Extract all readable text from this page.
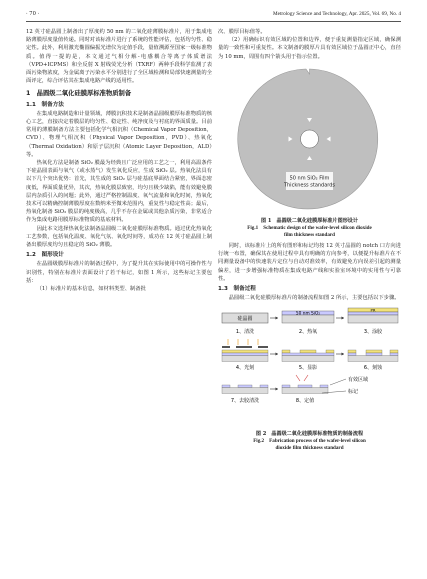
· 70 ·	Metrology Science and Technology, Apr. 2025, Vol. 69, No. 4

12 英寸硅晶圆上制备出了厚度约 50 nm 的二氧化硅薄膜标准片，用于集成电路薄膜厚度量值传递。同时对该标准片进行了系统的性能评估，包括均匀性、稳定性。此外，利用激光椭圆偏振光谱仪为定值手段，量值溯源至国家一级标准物质。值得一提的是，本文通过气相分解-电感耦合等离子体质谱法（VPD+ICPMS）和全反射 X 射线荧光分析（TXRF）两种手段科学监测了表面污染物浓度，为金属离子污染水平分别进行了全区域检测和局部快速测量的全面评定，综合评估其在集成电路产线的适用性。

1　晶圆级二氧化硅膜厚标准物质制备

1.1　制备方法

在集成电路制造和计量领域，薄膜沉积技术是制备晶圆级膜厚标准物质的核心工艺，直接决定着膜层的均匀性、稳定性、纯净度及与衬底的界面质量。目前常用的薄膜制备方法主要包括化学气相沉积（Chemical Vapor Deposition，CVD）、物理气相沉积（Physical Vapor Deposition，PVD）、热氧化（Thermal Oxidation）和原子层沉积（Atomic Layer Deposition，ALD）等。

热氧化方法是制备 SiO₂ 膜最为经典且广泛应用的工艺之一，利用高温条件下硅晶圆表面与氧气（或水蒸气）发生氧化反应，生成 SiO₂ 层。热氧化法具有以下几个突出优势：首先，其生成的 SiO₂ 层与硅基底界面结合紧密，界面态密度低，界面质量优异，其次，热氧化膜层致密，均匀且极少缺陷，能有效避免膜层内杂质引入的问题；此外，通过严格控制温度、氧气流量和氧化时间，热氧化技术可以精确控制薄膜厚度在数纳米至微米范围内，重复性与稳定性高；最后，热氧化制备 SiO₂ 膜层的纯度极高，几乎不存在金属或其他杂质污染，非常适合作为集成电路用膜厚标准物质的基底材料。

因此本文选择热氧化法制备晶圆级二氧化硅膜厚标准物质。通过优化热氧化工艺参数，包括氧化温度、氧化气氛、氧化时间等，成功在 12 英寸硅晶圆上制备出膜厚度均匀且稳定的 SiO₂ 薄膜。

1.2　图形设计

在晶圆级膜厚标准片的制备过程中，为了提升其在实际使用中的可操作性与识别性，特别在标准片表面设计了若干标记，如图 1 所示，这些标记主要包括：

（1）标准片的基本信息，如材料类型、制备批

次、膜厚目标值等。

（2）用确标识有效区域的位置和边界，便于重复测量指定区域，确保测量的一致性和可重复性。本文制备的膜厚片具有效区域位于晶圆正中心，直径为 10 mm，周围有四个箭头用于指示位置。

50 nm SiO₂ Film
Thickness standards

图 1　晶圆级二氧化硅膜厚标准片图形设计

Fig.1　Schematic design of the wafer-level silicon dioxide

film thickness standard

同时，该标准片上的所有图形和标记均按 12 英寸晶圆的 notch 口方向进行统一布置，确保其在使用过程中具有明确的方向参考，以便提升标准片在不同测量设备中的快速装片定位与自动对准效率，有效避免方向误差引起的测量偏差，进一步增强标准物质在集成电路产线和实验室环境中的实用性与可靠性。

1.3　制备过程

晶圆级二氧化硅膜厚标准片的制备流程如图 2 所示，主要包括以下步骤。

硅晶圆
1、清洗
50 nm SiO₂
2、热氧
PR
3、涂胶
4、光刻	5、显影	6、刻蚀
7、去胶清洗	8、定值
有效区域
标记

图 2　晶圆级二氧化硅膜厚标准物质的制备流程

Fig.2　Fabrication process of the wafer-level silicon

dioxide film thickness standard
